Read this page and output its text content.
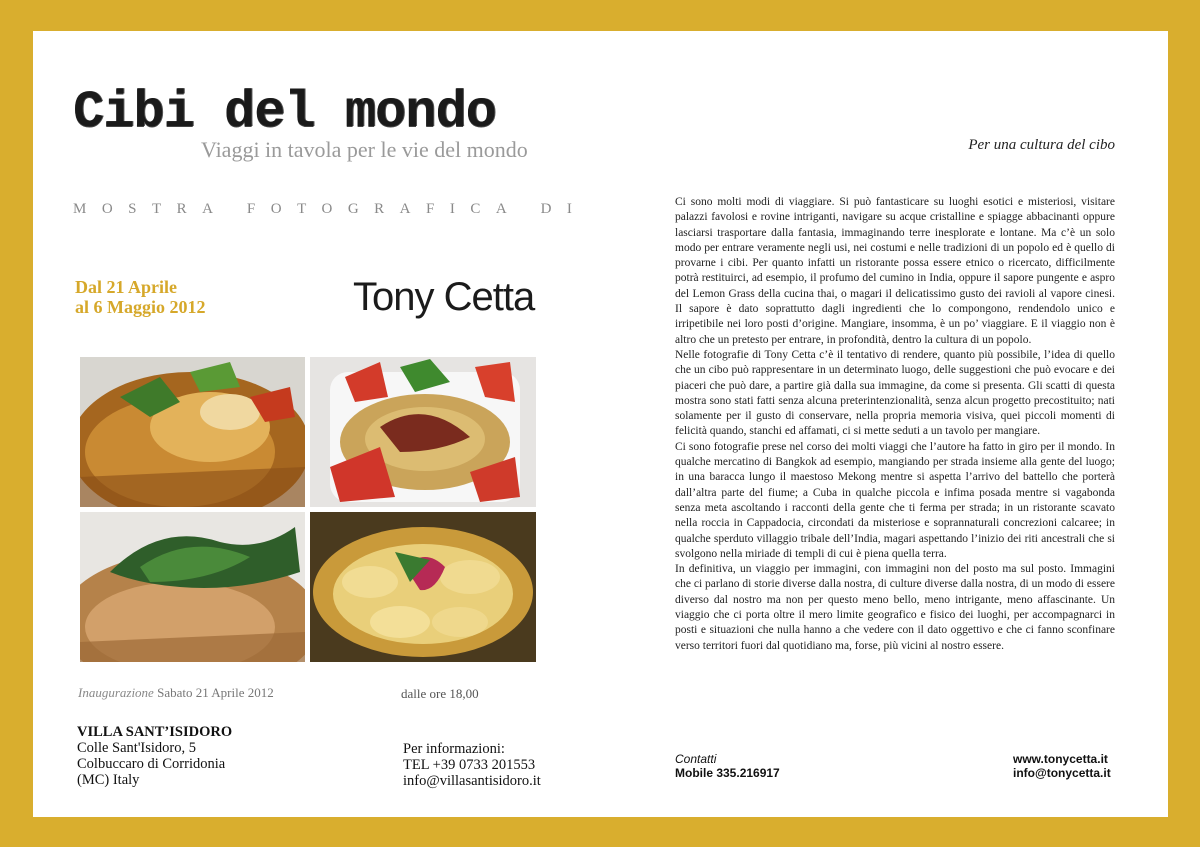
Cibi del mondo
Viaggi in tavola per le vie del mondo
MOSTRA FOTOGRAFICA DI
Dal 21 Aprile
al 6 Maggio 2012	Tony Cetta
Inaugurazione Sabato 21 Aprile 2012	dalle ore 18,00
VILLA SANT’ISIDORO
Colle Sant'Isidoro, 5
Colbuccaro di Corridonia
(MC) Italy
Per informazioni:
TEL +39 0733 201553
info@villasantisidoro.it
Per una cultura del cibo

Ci sono molti modi di viaggiare. Si può fantasticare su luoghi esotici e misteriosi, visitare palazzi favolosi e rovine intriganti, navigare su acque cristalline e spiagge abbacinanti oppure lasciarsi trasportare dalla fantasia, immaginando terre inesplorate e lontane. Ma c’è un solo modo per entrare veramente negli usi, nei costumi e nelle tradizioni di un popolo ed è quello di provarne i cibi. Per quanto infatti un ristorante possa essere etnico o ricercato, difficilmente potrà restituirci, ad esempio, il profumo del cumino in India, oppure il sapore pungente e aspro del Lemon Grass della cucina thai, o magari il delicatissimo gusto dei ravioli al vapore cinesi. Il sapore è dato soprattutto dagli ingredienti che lo compongono, rendendolo unico e irripetibile nei loro posti d’origine. Mangiare, insomma, è un po’ viaggiare. E il viaggio non è altro che un pretesto per entrare, in profondità, dentro la cultura di un popolo.

Nelle fotografie di Tony Cetta c’è il tentativo di rendere, quanto più possibile, l’idea di quello che un cibo può rappresentare in un determinato luogo, delle suggestioni che può evocare e dei piaceri che può dare, a partire già dalla sua immagine, da come si presenta. Gli scatti di questa mostra sono stati fatti senza alcuna preterintenzionalità, senza alcun progetto precostituito; nati solamente per il gusto di conservare, nella propria memoria visiva, quei piccoli momenti di felicità quando, stanchi ed affamati, ci si mette seduti a un tavolo per mangiare.

Ci sono fotografie prese nel corso dei molti viaggi che l’autore ha fatto in giro per il mondo. In qualche mercatino di Bangkok ad esempio, mangiando per strada insieme alla gente del luogo; in una baracca lungo il maestoso Mekong mentre si aspetta l’arrivo del battello che porterà dall’altra parte del fiume; a Cuba in qualche piccola e infima posada mentre si vagabonda senza meta ascoltando i racconti della gente che ti ferma per strada; in un ristorante scavato nella roccia in Cappadocia, circondati da misteriose e soprannaturali concrezioni calcaree; in qualche sperduto villaggio tribale dell’India, magari aspettando l’inizio dei riti ancestrali che si svolgono nella miriade di templi di cui è piena quella terra.

In definitiva, un viaggio per immagini, con immagini non del posto ma sul posto. Immagini che ci parlano di storie diverse dalla nostra, di culture diverse dalla nostra, di un modo di essere diverso dal nostro ma non per questo meno bello, meno intrigante, meno affascinante. Un viaggio che ci porta oltre il mero limite geografico e fisico dei luoghi, per accompagnarci in posti e situazioni che nulla hanno a che vedere con il dato oggettivo e che ci fanno sconfinare verso territori fuori dal quotidiano ma, forse, più vicini al nostro essere.

Contatti
Mobile 335.216917
www.tonycetta.it
info@tonycetta.it
